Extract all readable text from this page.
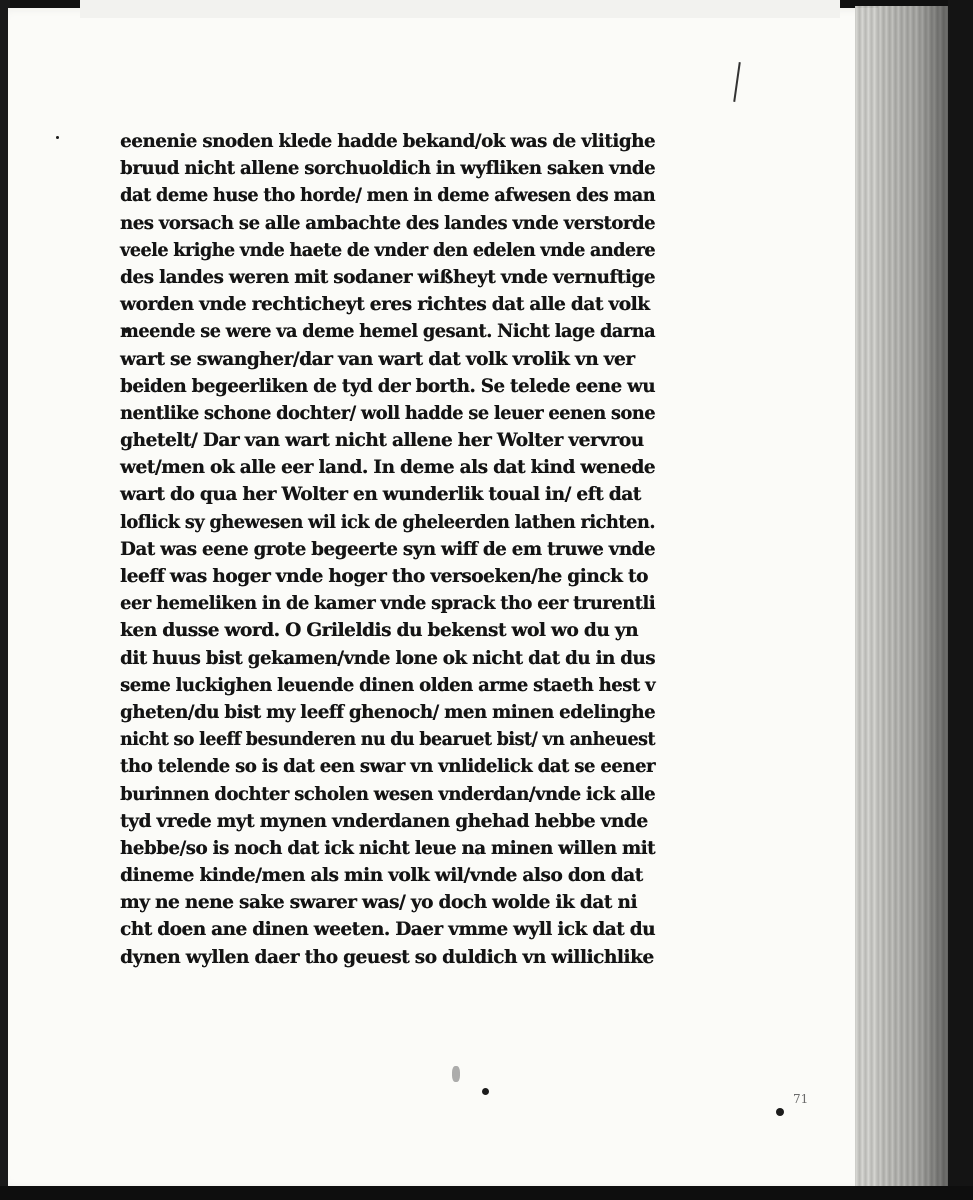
eenenie snoden klede hadde bekand/ok was de vlitighe
bruud nicht allene sorchuoldich in wyfliken saken vnde
dat deme huse tho horde/ men in deme afwesen des man
nes vorsach se alle ambachte des landes vnde verstorde
veele krighe vnde haete de vnder den edelen vnde andere
des landes weren mit sodaner wißheyt vnde vernuftige
worden vnde rechticheyt eres richtes dat alle dat volk
meende se were va deme hemel gesant. Nicht lage darna
wart se swangher/dar van wart dat volk vrolik vn ver
beiden begeerliken de tyd der borth. Se telede eene wu
nentlike schone dochter/ woll hadde se leuer eenen sone
ghetelt/ Dar van wart nicht allene her Wolter vervrou
wet/men ok alle eer land. In deme als dat kind wenede
wart do qua her Wolter en wunderlik toual in/ eft dat
loflick sy ghewesen wil ick de gheleerden lathen richten.
Dat was eene grote begeerte syn wiff de em truwe vnde
leeff was hoger vnde hoger tho versoeken/he ginck to
eer hemeliken in de kamer vnde sprack tho eer trurentli
ken dusse word. O Grileldis du bekenst wol wo du yn
dit huus bist gekamen/vnde lone ok nicht dat du in dus
seme luckighen leuende dinen olden arme staeth hest v
gheten/du bist my leeff ghenoch/ men minen edelinghe
nicht so leeff besunderen nu du bearuet bist/ vn anheuest
tho telende so is dat een swar vn vnlidelick dat se eener
burinnen dochter scholen wesen vnderdan/vnde ick alle
tyd vrede myt mynen vnderdanen ghehad hebbe vnde
hebbe/so is noch dat ick nicht leue na minen willen mit
dineme kinde/men als min volk wil/vnde also don dat
my ne nene sake swarer was/ yo doch wolde ik dat ni
cht doen ane dinen weeten. Daer vmme wyll ick dat du
dynen wyllen daer tho geuest so duldich vn willichlike
71
